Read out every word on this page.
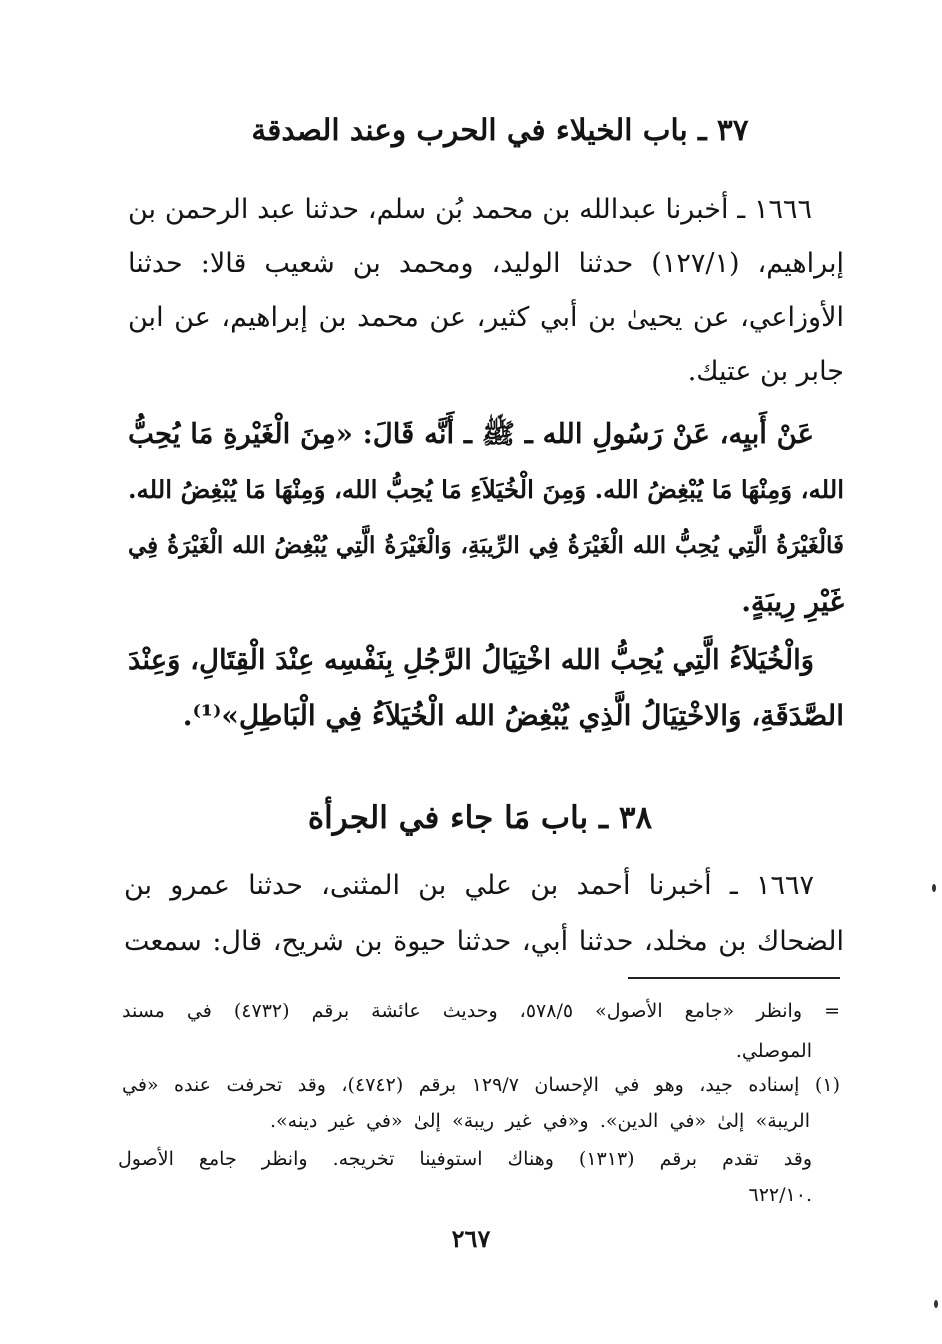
٣٧ ـ باب الخيلاء في الحرب وعند الصدقة
١٦٦٦ ـ أخبرنا عبدالله بن محمد بُن سلم، حدثنا عبد الرحمن بن
إبراهيم، (١٢٧/١) حدثنا الوليد، ومحمد بن شعيب قالا: حدثنا
الأوزاعي، عن يحيىٰ بن أبي كثير، عن محمد بن إبراهيم، عن ابن
جابر بن عتيك.
عَنْ أَبيِه، عَنْ رَسُولِ الله ـ ﷺ ـ أَنَّه قَالَ: «مِنَ الْغَيْرةِ مَا يُحِبُّ
الله، وَمِنْهَا مَا يُبْغِضُ الله. وَمِنَ الْخُيَلاَءِ مَا يُحِبُّ الله، وَمِنْهَا مَا يُبْغِضُ الله.
فَالْغَيْرَةُ الَّتِي يُحِبُّ الله الْغَيْرَةُ فِي الرِّيبَةِ، وَالْغَيْرَةُ الَّتِي يُبْغِضُ الله الْغَيْرَةُ فِي
غَيْرِ رِيبَةٍ.
وَالْخُيَلاَءُ الَّتِي يُحِبُّ الله اخْتِيَالُ الرَّجُلِ بِنَفْسِه عِنْدَ الْقِتَالِ، وَعِنْدَ
الصَّدَقَةِ، وَالاخْتِيَالُ الَّذِي يُبْغِضُ الله الْخُيَلاَءُ فِي الْبَاطِلِ»⁽¹⁾.
٣٨ ـ باب مَا جاء في الجرأة
١٦٦٧ ـ أخبرنا أحمد بن علي بن المثنى، حدثنا عمرو بن
الضحاك بن مخلد، حدثنا أبي، حدثنا حيوة بن شريح، قال: سمعت
= وانظر «جامع الأصول» ٥٧٨/٥، وحديث عائشة برقم (٤٧٣٢) في مسند
الموصلي.
(١) إسناده جيد، وهو في الإحسان ١٢٩/٧ برقم (٤٧٤٢)، وقد تحرفت عنده «في
الريبة» إلىٰ «في الدين». و«في غير ريبة» إلىٰ «في غير دينه».
وقد تقدم برقم (١٣١٣) وهناك استوفينا تخريجه. وانظر جامع الأصول
.٦٢٢/١٠
٢٦٧
